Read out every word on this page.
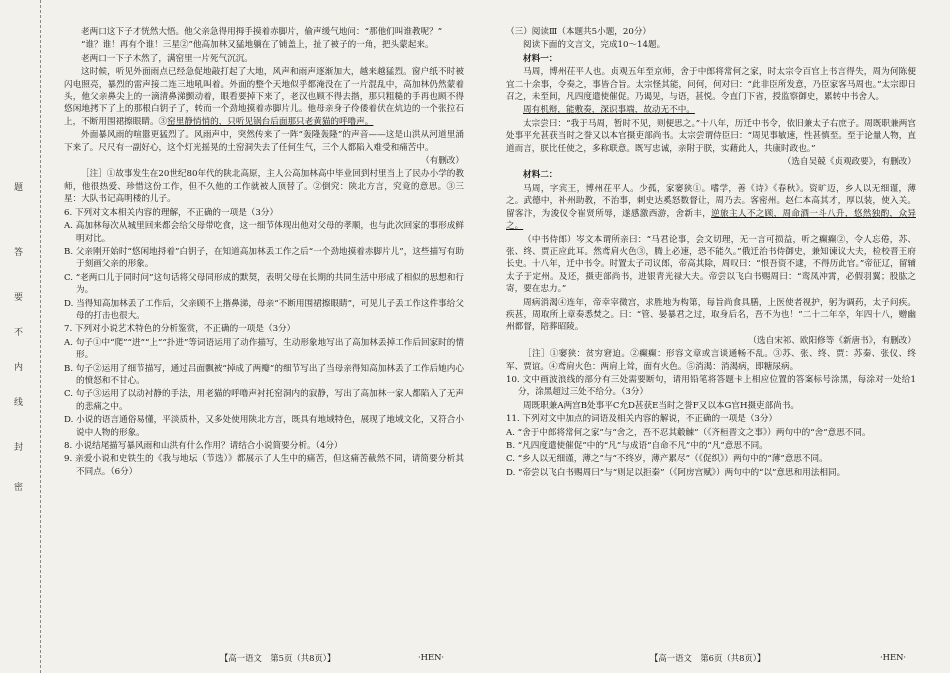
题
答
要
不
内
线
封
密

老两口这下子才恍然大悟。他父亲急得用拇手摸着赤脚片，偷声缓气地问：“那他们叫谁教呢？”

“谁？谁！再有个谁！三星②”他高加林又猛地躺在了铺盖上，扯了被子的一角，把头蒙起来。

老两口一下子木然了，满窑里一片死气沉沉。

这时候，听见外面雨点已经急促地敲打起了大地，风声和雨声逐渐加大，越来越猛烈。窗户纸不时被闪电照亮，暴烈的雷声接二连三地吼叫着。外面的整个天地似乎都淹没在了一片混乱中，高加林仍然蒙着头，他父亲鼻尖上的一滴清鼻涕颤动着，眼看要掉下来了，老汉也顾不得去揩，那只粗糙的手再也顾不得悠闲地拷下了上的那根白钥子了，转而一个劲地摸着赤脚片儿。他母亲身子伶倭着伏在炕边的一个张拉石上，不断用围裙擦眼睛。③窑里静悄悄的，只听见锅台后面那只老黄猫的呼噜声。

外面暴风雨的喧嚣更猛烈了。风雨声中，突然传来了一阵“轰隆轰隆”的声音——这是山洪从河道里涌下来了。尺尺有一副好心，这个灯光摇晃的土窑洞失去了任何生气，三个人都陷入难受和痛苦中。

（有删改）

［注］①故事发生在20世纪80年代的陕北高原，主人公高加林高中毕业回到村里当上了民办小学的教师，他很热爱、珍惜这份工作，但不久他的工作就被人顶替了。②倒究：陕北方言，究竟的意思。③三星：大队书记高明楼的儿子。

6. 下列对文本相关内容的理解，不正确的一项是（3分）

A. 高加林每次从城里回来都会给父母带吃食，这一细节体现出他对父母的孝顺，也与此次回家的事形成鲜明对比。

B. 父亲刚开始时“悠闲地捋着”白钥子，在知道高加林丢工作之后“一个劲地摸着赤脚片儿”，这些描写有助于刻画父亲的形象。

C. “老两口儿于同时问”这句话将父母同形成的默契，表明父母在长期的共同生活中形成了相似的思想和行为。

D. 当得知高加林丢了工作后，父亲顾不上揩鼻涕，母亲“不断用围裙擦眼睛”，可见儿子丢工作这件事给父母的打击也很大。

7. 下列对小说艺术特色的分析鉴赏，不正确的一项是（3分）

A. 句子①中“爬”“进”“上”“扑进”等词语运用了动作描写，生动形象地写出了高加林丢掉工作后回家时的情形。

B. 句子②运用了细节描写，通过吕面飘被“掉成了两瓣”的细节写出了当母亲得知高加林丢了工作后她内心的愤怒和不甘心。

C. 句子③运用了以动衬静的手法，用老猫的呼噜声衬托窑洞内的寂静，写出了高加林一家人都陷入了无声的悲痛之中。

D. 小说的语言通俗易懂，平淡质朴，又多处使用陕北方言，既具有地域特色，展现了地域文化，又符合小说中人物的形象。

8. 小说结尾描写暴风雨和山洪有什么作用？请结合小说简要分析。（4分）

9. 亲爱小说和史铁生的《我与地坛（节选）》都展示了人生中的痛苦，但这痛苦截然不同，请简要分析其不同点。（6分）

（三）阅读Ⅲ（本题共5小题，20分）

阅读下面的文言文，完成10～14题。

材料一：

马周，博州茌平人也。贞观五年至京师，舍于中郎将常何之家，时太宗令百官上书言得失，周为何陈便宜二十余事，令奏之，事皆合旨。太宗怪其能，问何，何对曰：“此非臣所发意，乃臣家客马周也。”太宗即日召之，未至间，凡四度遣使催促。乃谒见，与语，甚悦。令直门下省，授监察御史，累转中书舍人。

周有机辩，能敷奏，深识事端，故动无不中。

太宗尝曰：“我于马周，暂时不见，则便思之。”十八年，历迁中书令，依旧兼太子右庶子。周既职兼两宫处事平允甚获当时之誉又以本官摄吏部尚书。太宗尝谓侍臣曰：“周见事敏速，性甚慎至。至于论量人物，直道而言，朕比任使之，多称联意。既写忠诚，亲附于朕，实藉此人，共康时政也。”

（选自吴兢《贞观政要》，有删改）

材料二：

马周，字宾王，博州茌平人。少孤，家窭狭①。嗜学，善《诗》《春秋》。资旷迈，乡人以无细谨，薄之。武德中，补州助教，不治事，刺史达奚怒数督让，周乃去。客密州。赵仁本高其才，厚以装，使入关。留客汴，为浚仪令崔贤所辱，遂感激西游，舍新丰，逆旅主人不之顾，周命酒一斗八升，悠然独酌，众异之。

（中书侍郎）岑文本谓所亲曰：“马君论事，会文切理，无一言可损益，听之癫癫②，令人忘倦，苏、张、终、贾正应此耳。然鸢肩火色③，腾上必速，恐不能久。”俄迁治书侍御史，兼知谏议大夫，检校晋王府长史。十八年，迁中书令。时置太子司议郎，帝高其除，周叹曰：“恨吾资不逮，不得历此官。”帝征辽，留辅太子于定州。及还，摄吏部尚书，进银青光禄大夫。帝尝以飞白书赐周曰：“鸾凤冲霄，必假羽翼；股肱之寄，要在忠力。”

周病消渴④连年，帝幸宰微宫，求胜地为构第，每旨尚食具膳，上医使者视护，躬为调药，太子问疾。疾甚，周取所上章奏悉焚之。曰：“管、晏暴君之过，取身后名，吾不为也！”二十二年卒，年四十八，赠幽州都督，陪葬昭陵。

（选自宋祁、欧阳修等《新唐书》，有删改）

［注］①窭狭：贫穷窘迫。②癫癫：形容文章或言谈通畅不乱。③苏、张、终、贾：苏秦、张仪、终军、贾谊。④鸢肩火色：两肩上耸，面有火色。⑤消渴：消渴病，即糖尿病。

10. 文中画波浪线的部分有三处需要断句，请用铅笔将答题卡上相应位置的答案标号涂黑，每涂对一处给1分，涂黑超过三处不给分。（3分）

周既职兼A两宫B处事平C允D甚获E当时之誉F又以本G官H摄吏部尚书。

11. 下列对文中加点的词语及相关内容的解说，不正确的一项是（3分）

A. “舍于中郎将常何之家”与“舍之，吾不忍其觳觫”（《齐桓晋文之事》）两句中的“舍”意思不同。

B. “凡四度遣使催促”中的“凡”与成语“自命不凡”中的“凡”意思不同。

C. “乡人以无细谨，薄之”与“不终岁，薄产累尽”（《促织》）两句中的“薄”意思不同。

D. “帝尝以飞白书赐周曰”与“则足以拒秦”（《阿房宫赋》）两句中的“以”意思和用法相同。

【高一语文　第5页（共8页）】	·HEN·	【高一语文　第6页（共8页）】	·HEN·
